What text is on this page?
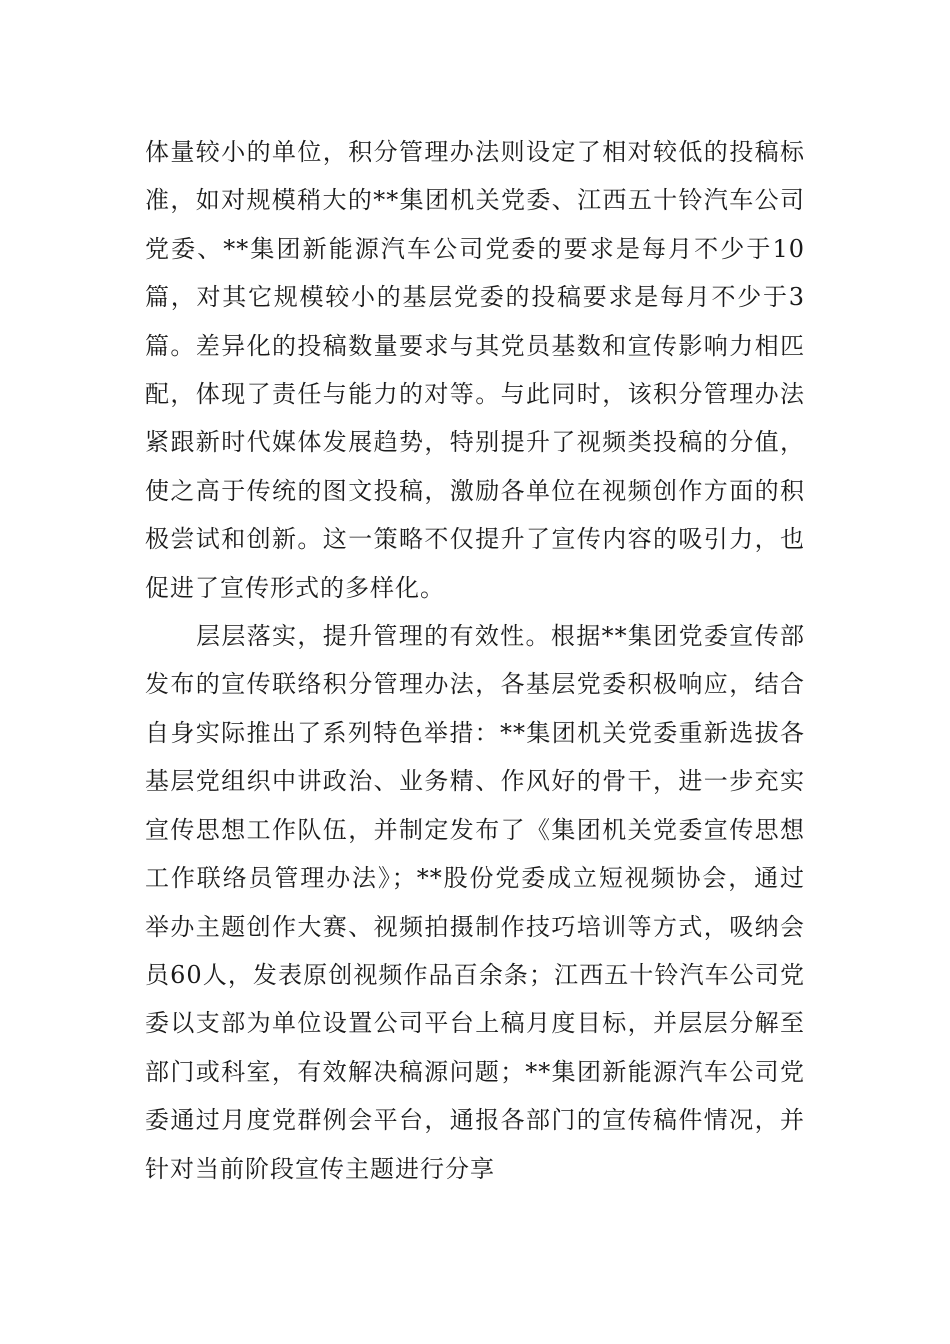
体量较小的单位，积分管理办法则设定了相对较低的投稿标准，如对规模稍大的**集团机关党委、江西五十铃汽车公司党委、**集团新能源汽车公司党委的要求是每月不少于10篇，对其它规模较小的基层党委的投稿要求是每月不少于3篇。差异化的投稿数量要求与其党员基数和宣传影响力相匹配，体现了责任与能力的对等。与此同时，该积分管理办法紧跟新时代媒体发展趋势，特别提升了视频类投稿的分值，使之高于传统的图文投稿，激励各单位在视频创作方面的积极尝试和创新。这一策略不仅提升了宣传内容的吸引力，也促进了宣传形式的多样化。

层层落实，提升管理的有效性。根据**集团党委宣传部发布的宣传联络积分管理办法，各基层党委积极响应，结合自身实际推出了系列特色举措：**集团机关党委重新选拔各基层党组织中讲政治、业务精、作风好的骨干，进一步充实宣传思想工作队伍，并制定发布了《集团机关党委宣传思想工作联络员管理办法》；**股份党委成立短视频协会，通过举办主题创作大赛、视频拍摄制作技巧培训等方式，吸纳会员60人，发表原创视频作品百余条；江西五十铃汽车公司党委以支部为单位设置公司平台上稿月度目标，并层层分解至部门或科室，有效解决稿源问题；**集团新能源汽车公司党委通过月度党群例会平台，通报各部门的宣传稿件情况，并针对当前阶段宣传主题进行分享
